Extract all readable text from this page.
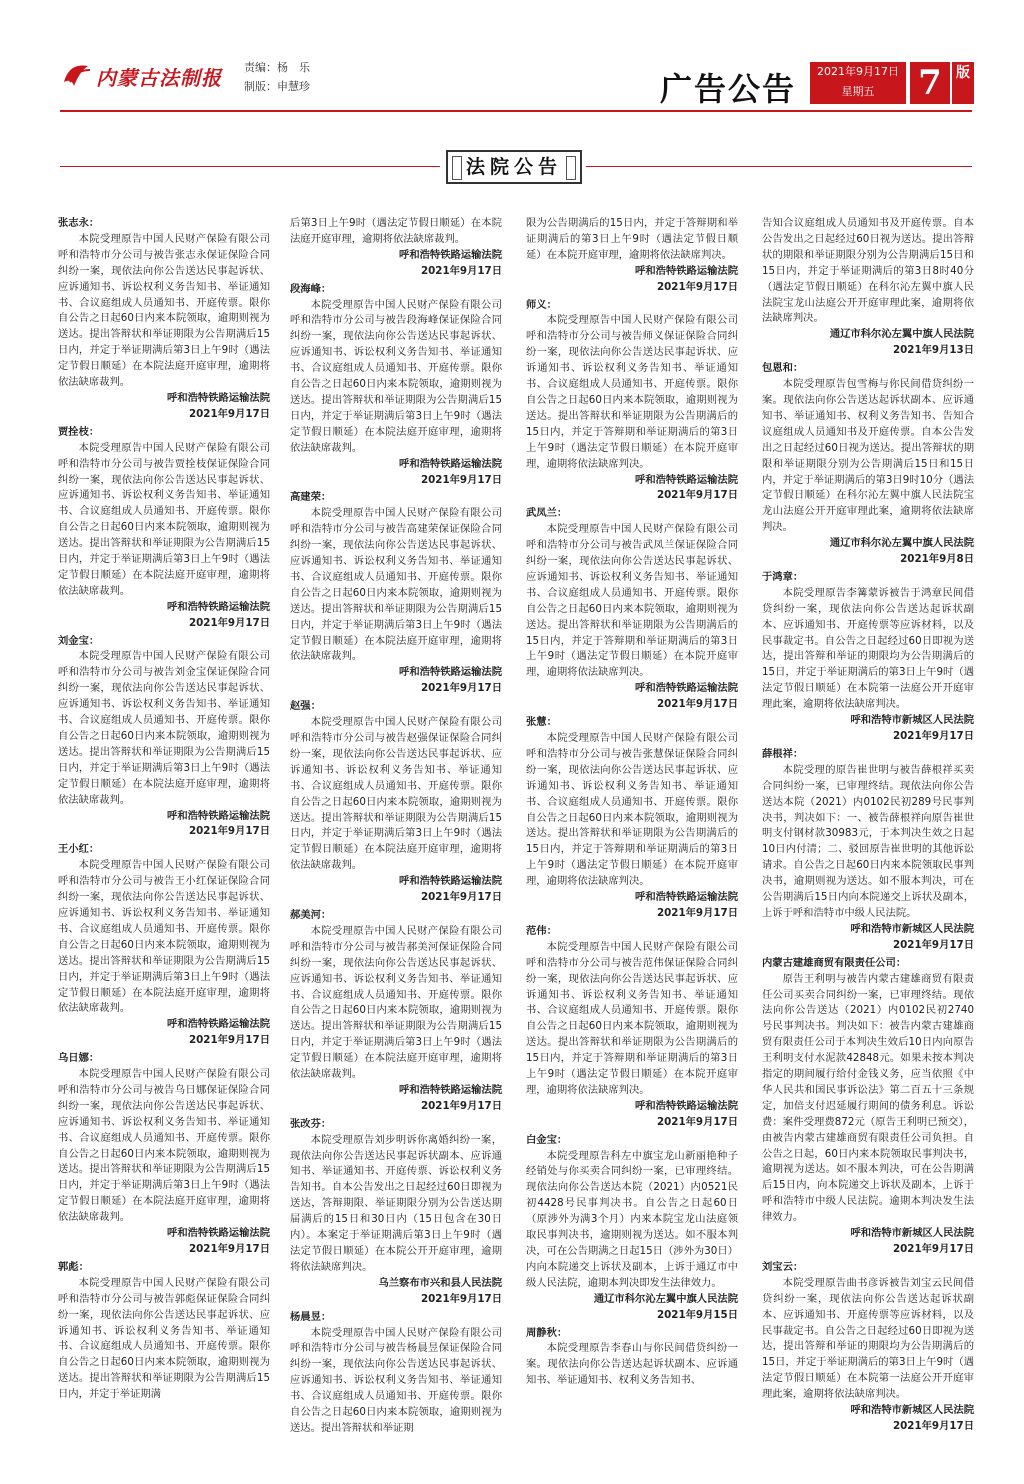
内蒙古法制报 责编：杨　乐
制版：申慧珍	广告公告	2021年9月17日
星期五	7	版
法院公告

张志永：

本院受理原告中国人民财产保险有限公司呼和浩特市分公司与被告张志永保证保险合同纠纷一案，现依法向你公告送达民事起诉状、应诉通知书、诉讼权利义务告知书、举证通知书、合议庭组成人员通知书、开庭传票。限你自公告之日起60日内来本院领取，逾期则视为送达。提出答辩状和举证期限为公告期满后15日内，并定于举证期满后第3日上午9时（遇法定节假日顺延）在本院法庭开庭审理，逾期将依法缺席裁判。

呼和浩特铁路运输法院

2021年9月17日

贾拴枝：

本院受理原告中国人民财产保险有限公司呼和浩特市分公司与被告贾拴枝保证保险合同纠纷一案，现依法向你公告送达民事起诉状、应诉通知书、诉讼权利义务告知书、举证通知书、合议庭组成人员通知书、开庭传票。限你自公告之日起60日内来本院领取，逾期则视为送达。提出答辩状和举证期限为公告期满后15日内，并定于举证期满后第3日上午9时（遇法定节假日顺延）在本院法庭开庭审理，逾期将依法缺席裁判。

呼和浩特铁路运输法院

2021年9月17日

刘金宝：

本院受理原告中国人民财产保险有限公司呼和浩特市分公司与被告刘金宝保证保险合同纠纷一案，现依法向你公告送达民事起诉状、应诉通知书、诉讼权利义务告知书、举证通知书、合议庭组成人员通知书、开庭传票。限你自公告之日起60日内来本院领取，逾期则视为送达。提出答辩状和举证期限为公告期满后15日内，并定于举证期满后第3日上午9时（遇法定节假日顺延）在本院法庭开庭审理，逾期将依法缺席裁判。

呼和浩特铁路运输法院

2021年9月17日

王小红：

本院受理原告中国人民财产保险有限公司呼和浩特市分公司与被告王小红保证保险合同纠纷一案，现依法向你公告送达民事起诉状、应诉通知书、诉讼权利义务告知书、举证通知书、合议庭组成人员通知书、开庭传票。限你自公告之日起60日内来本院领取，逾期则视为送达。提出答辩状和举证期限为公告期满后15日内，并定于举证期满后第3日上午9时（遇法定节假日顺延）在本院法庭开庭审理，逾期将依法缺席裁判。

呼和浩特铁路运输法院

2021年9月17日

乌日娜：

本院受理原告中国人民财产保险有限公司呼和浩特市分公司与被告乌日娜保证保险合同纠纷一案，现依法向你公告送达民事起诉状、应诉通知书、诉讼权利义务告知书、举证通知书、合议庭组成人员通知书、开庭传票。限你自公告之日起60日内来本院领取，逾期则视为送达。提出答辩状和举证期限为公告期满后15日内，并定于举证期满后第3日上午9时（遇法定节假日顺延）在本院法庭开庭审理，逾期将依法缺席裁判。

呼和浩特铁路运输法院

2021年9月17日

郭彪：

本院受理原告中国人民财产保险有限公司呼和浩特市分公司与被告郭彪保证保险合同纠纷一案，现依法向你公告送达民事起诉状、应诉通知书、诉讼权利义务告知书、举证通知书、合议庭组成人员通知书、开庭传票。限你自公告之日起60日内来本院领取，逾期则视为送达。提出答辩状和举证期限为公告期满后15日内，并定于举证期满

后第3日上午9时（遇法定节假日顺延）在本院法庭开庭审理，逾期将依法缺席裁判。

呼和浩特铁路运输法院

2021年9月17日

段海峰：

本院受理原告中国人民财产保险有限公司呼和浩特市分公司与被告段海峰保证保险合同纠纷一案，现依法向你公告送达民事起诉状、应诉通知书、诉讼权利义务告知书、举证通知书、合议庭组成人员通知书、开庭传票。限你自公告之日起60日内来本院领取，逾期则视为送达。提出答辩状和举证期限为公告期满后15日内，并定于举证期满后第3日上午9时（遇法定节假日顺延）在本院法庭开庭审理，逾期将依法缺席裁判。

呼和浩特铁路运输法院

2021年9月17日

高建荣：

本院受理原告中国人民财产保险有限公司呼和浩特市分公司与被告高建荣保证保险合同纠纷一案，现依法向你公告送达民事起诉状、应诉通知书、诉讼权利义务告知书、举证通知书、合议庭组成人员通知书、开庭传票。限你自公告之日起60日内来本院领取，逾期则视为送达。提出答辩状和举证期限为公告期满后15日内，并定于举证期满后第3日上午9时（遇法定节假日顺延）在本院法庭开庭审理，逾期将依法缺席裁判。

呼和浩特铁路运输法院

2021年9月17日

赵强：

本院受理原告中国人民财产保险有限公司呼和浩特市分公司与被告赵强保证保险合同纠纷一案，现依法向你公告送达民事起诉状、应诉通知书、诉讼权利义务告知书、举证通知书、合议庭组成人员通知书、开庭传票。限你自公告之日起60日内来本院领取，逾期则视为送达。提出答辩状和举证期限为公告期满后15日内，并定于举证期满后第3日上午9时（遇法定节假日顺延）在本院法庭开庭审理，逾期将依法缺席裁判。

呼和浩特铁路运输法院

2021年9月17日

郝美河：

本院受理原告中国人民财产保险有限公司呼和浩特市分公司与被告郝美河保证保险合同纠纷一案，现依法向你公告送达民事起诉状、应诉通知书、诉讼权利义务告知书、举证通知书、合议庭组成人员通知书、开庭传票。限你自公告之日起60日内来本院领取，逾期则视为送达。提出答辩状和举证期限为公告期满后15日内，并定于举证期满后第3日上午9时（遇法定节假日顺延）在本院法庭开庭审理，逾期将依法缺席裁判。

呼和浩特铁路运输法院

2021年9月17日

张改芬：

本院受理原告刘步明诉你离婚纠纷一案，现依法向你公告送达民事起诉状副本、应诉通知书、举证通知书、开庭传票、诉讼权利义务告知书。自本公告发出之日起经过60日即视为送达，答辩期限、举证期限分别为公告送达期届满后的15日和30日内（15日包含在30日内）。本案定于举证期满后第3日上午9时（遇法定节假日顺延）在本院公开开庭审理，逾期将依法缺席判决。

乌兰察布市兴和县人民法院

2021年9月17日

杨晨昱：

本院受理原告中国人民财产保险有限公司呼和浩特市分公司与被告杨晨昱保证保险合同纠纷一案，现依法向你公告送达民事起诉状、应诉通知书、诉讼权利义务告知书、举证通知书、合议庭组成人员通知书、开庭传票。限你自公告之日起60日内来本院领取，逾期则视为送达。提出答辩状和举证期

限为公告期满后的15日内，并定于答辩期和举证期满后的第3日上午9时（遇法定节假日顺延）在本院开庭审理，逾期将依法缺席判决。

呼和浩特铁路运输法院

2021年9月17日

师义：

本院受理原告中国人民财产保险有限公司呼和浩特市分公司与被告师义保证保险合同纠纷一案，现依法向你公告送达民事起诉状、应诉通知书、诉讼权利义务告知书、举证通知书、合议庭组成人员通知书、开庭传票。限你自公告之日起60日内来本院领取，逾期则视为送达。提出答辩状和举证期限为公告期满后的15日内，并定于答辩期和举证期满后的第3日上午9时（遇法定节假日顺延）在本院开庭审理，逾期将依法缺席判决。

呼和浩特铁路运输法院

2021年9月17日

武凤兰：

本院受理原告中国人民财产保险有限公司呼和浩特市分公司与被告武凤兰保证保险合同纠纷一案，现依法向你公告送达民事起诉状、应诉通知书、诉讼权利义务告知书、举证通知书、合议庭组成人员通知书、开庭传票。限你自公告之日起60日内来本院领取，逾期则视为送达。提出答辩状和举证期限为公告期满后的15日内，并定于答辩期和举证期满后的第3日上午9时（遇法定节假日顺延）在本院开庭审理，逾期将依法缺席判决。

呼和浩特铁路运输法院

2021年9月17日

张慧：

本院受理原告中国人民财产保险有限公司呼和浩特市分公司与被告张慧保证保险合同纠纷一案，现依法向你公告送达民事起诉状、应诉通知书、诉讼权利义务告知书、举证通知书、合议庭组成人员通知书、开庭传票。限你自公告之日起60日内来本院领取，逾期则视为送达。提出答辩状和举证期限为公告期满后的15日内，并定于答辩期和举证期满后的第3日上午9时（遇法定节假日顺延）在本院开庭审理，逾期将依法缺席判决。

呼和浩特铁路运输法院

2021年9月17日

范伟：

本院受理原告中国人民财产保险有限公司呼和浩特市分公司与被告范伟保证保险合同纠纷一案，现依法向你公告送达民事起诉状、应诉通知书、诉讼权利义务告知书、举证通知书、合议庭组成人员通知书、开庭传票。限你自公告之日起60日内来本院领取，逾期则视为送达。提出答辩状和举证期限为公告期满后的15日内，并定于答辩期和举证期满后的第3日上午9时（遇法定节假日顺延）在本院开庭审理，逾期将依法缺席判决。

呼和浩特铁路运输法院

2021年9月17日

白金宝：

本院受理原告科左中旗宝龙山新丽艳种子经销处与你买卖合同纠纷一案，已审理终结。现依法向你公告送达本院（2021）内0521民初4428号民事判决书。自公告之日起60日（原涉外为满3个月）内来本院宝龙山法庭领取民事判决书，逾期则视为送达。如不服本判决，可在公告期满之日起15日（涉外为30日）内向本院递交上诉状及副本，上诉于通辽市中级人民法院，逾期本判决即发生法律效力。

通辽市科尔沁左翼中旗人民法院

2021年9月15日

周静秋：

本院受理原告李春山与你民间借贷纠纷一案。现依法向你公告送达起诉状副本、应诉通知书、举证通知书、权利义务告知书、

告知合议庭组成人员通知书及开庭传票。自本公告发出之日起经过60日视为送达。提出答辩状的期限和举证期限分别为公告期满后15日和15日内，并定于举证期满后的第3日8时40分（遇法定节假日顺延）在科尔沁左翼中旗人民法院宝龙山法庭公开开庭审理此案，逾期将依法缺席判决。

通辽市科尔沁左翼中旗人民法院

2021年9月13日

包恩和：

本院受理原告包雪梅与你民间借贷纠纷一案。现依法向你公告送达起诉状副本、应诉通知书、举证通知书、权利义务告知书、告知合议庭组成人员通知书及开庭传票。自本公告发出之日起经过60日视为送达。提出答辩状的期限和举证期限分别为公告期满后15日和15日内，并定于举证期满后的第3日9时10分（遇法定节假日顺延）在科尔沁左翼中旗人民法院宝龙山法庭公开开庭审理此案，逾期将依法缺席判决。

通辽市科尔沁左翼中旗人民法院

2021年9月8日

于鸿章：

本院受理原告李篝蒙诉被告于鸿章民间借贷纠纷一案，现依法向你公告送达起诉状副本、应诉通知书、开庭传票等应诉材料，以及民事裁定书。自公告之日起经过60日即视为送达，提出答辩和举证的期限均为公告期满后的15日，并定于举证期满后的第3日上午9时（遇法定节假日顺延）在本院第一法庭公开开庭审理此案，逾期将依法缺席判决。

呼和浩特市新城区人民法院

2021年9月17日

薛根祥：

本院受理的原告崔世明与被告薛根祥买卖合同纠纷一案，已审理终结。现依法向你公告送达本院（2021）内0102民初289号民事判决书，判决如下：一、被告薛根祥向原告崔世明支付钢材款30983元，于本判决生效之日起10日内付清；二、驳回原告崔世明的其他诉讼请求。自公告之日起60日内来本院领取民事判决书，逾期则视为送达。如不服本判决，可在公告期满后15日内向本院递交上诉状及副本，上诉于呼和浩特市中级人民法院。

呼和浩特市新城区人民法院

2021年9月17日

内蒙古建雄商贸有限责任公司：

原告王利明与被告内蒙古建雄商贸有限责任公司买卖合同纠纷一案，已审理终结。现依法向你公告送达（2021）内0102民初2740号民事判决书。判决如下：被告内蒙古建雄商贸有限责任公司于本判决生效后10日内向原告王利明支付水泥款42848元。如果未按本判决指定的期间履行给付金钱义务，应当依照《中华人民共和国民事诉讼法》第二百五十三条规定，加倍支付迟延履行期间的债务利息。诉讼费：案件受理费872元（原告王利明已预交），由被告内蒙古建雄商贸有限责任公司负担。自公告之日起，60日内来本院领取民事判决书，逾期视为送达。如不服本判决，可在公告期满后15日内，向本院递交上诉状及副本，上诉于呼和浩特市中级人民法院。逾期本判决发生法律效力。

呼和浩特市新城区人民法院

2021年9月17日

刘宝云：

本院受理原告曲书彦诉被告刘宝云民间借贷纠纷一案，现依法向你公告送达起诉状副本、应诉通知书、开庭传票等应诉材料，以及民事裁定书。自公告之日起经过60日即视为送达，提出答辩和举证的期限均为公告期满后的15日，并定于举证期满后的第3日上午9时（遇法定节假日顺延）在本院第一法庭公开开庭审理此案，逾期将依法缺席判决。

呼和浩特市新城区人民法院

2021年9月17日
